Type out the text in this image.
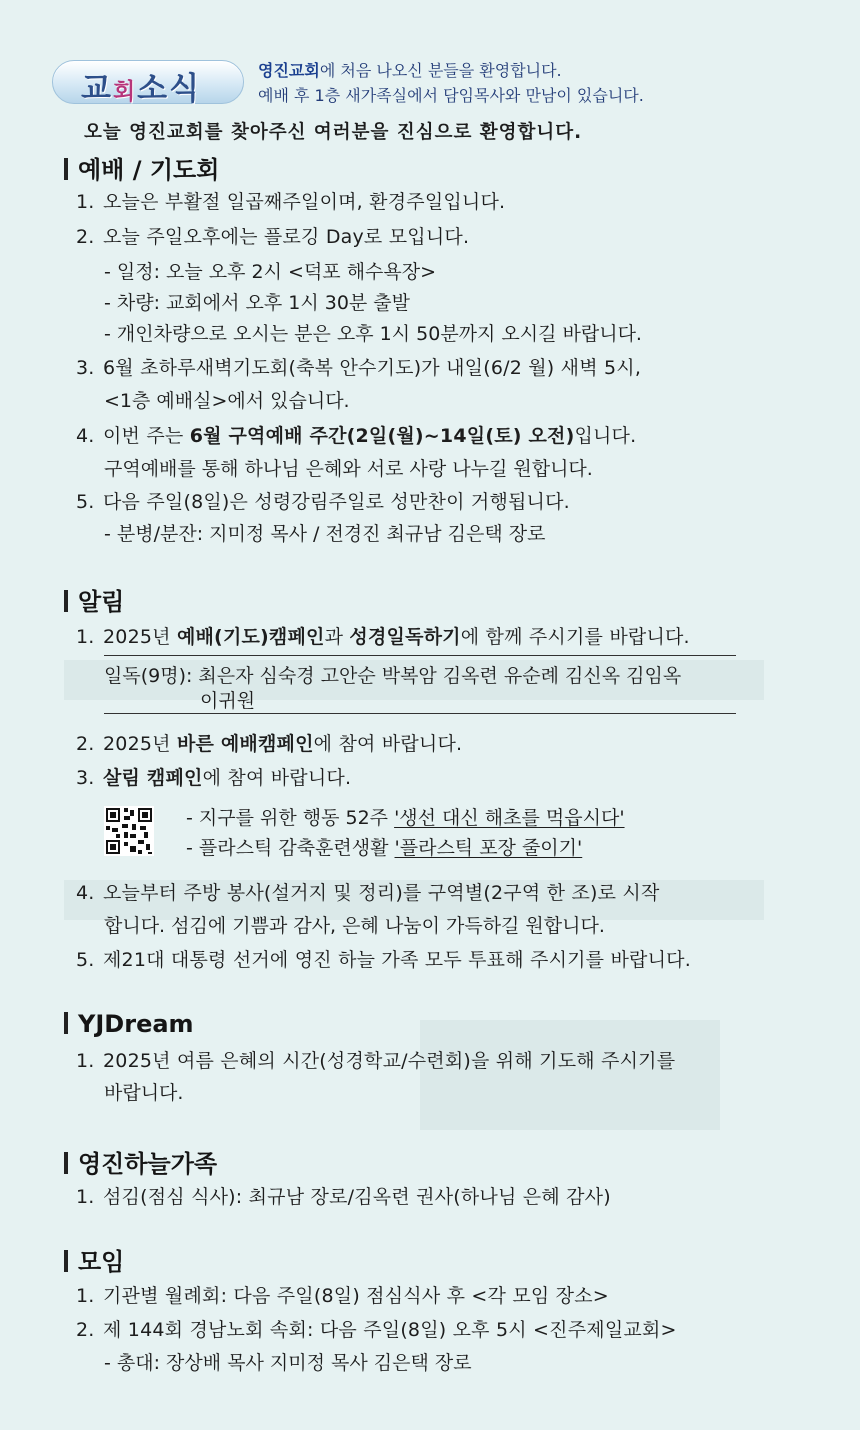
교회소식
영진교회에 처음 나오신 분들을 환영합니다.
예배 후 1층 새가족실에서 담임목사와 만남이 있습니다.
오늘 영진교회를 찾아주신 여러분을 진심으로 환영합니다.
예배 / 기도회
1. 오늘은 부활절 일곱째주일이며, 환경주일입니다.
2. 오늘 주일오후에는 플로깅 Day로 모입니다.
- 일정: 오늘 오후 2시 <덕포 해수욕장>
- 차량: 교회에서 오후 1시 30분 출발
- 개인차량으로 오시는 분은 오후 1시 50분까지 오시길 바랍니다.
3. 6월 초하루새벽기도회(축복 안수기도)가 내일(6/2 월) 새벽 5시,
<1층 예배실>에서 있습니다.
4. 이번 주는 6월 구역예배 주간(2일(월)~14일(토) 오전)입니다.
구역예배를 통해 하나님 은혜와 서로 사랑 나누길 원합니다.
5. 다음 주일(8일)은 성령강림주일로 성만찬이 거행됩니다.
- 분병/분잔: 지미정 목사 / 전경진 최규남 김은택 장로
알림
1. 2025년 예배(기도)캠페인과 성경일독하기에 함께 주시기를 바랍니다.
일독(9명): 최은자 심숙경 고안순 박복암 김옥련 유순례 김신옥 김임옥
이귀원
2. 2025년 바른 예배캠페인에 참여 바랍니다.
3. 살림 캠페인에 참여 바랍니다.
- 지구를 위한 행동 52주 '생선 대신 해초를 먹읍시다'
- 플라스틱 감축훈련생활 '플라스틱 포장 줄이기'
4. 오늘부터 주방 봉사(설거지 및 정리)를 구역별(2구역 한 조)로 시작
합니다. 섬김에 기쁨과 감사, 은혜 나눔이 가득하길 원합니다.
5. 제21대 대통령 선거에 영진 하늘 가족 모두 투표해 주시기를 바랍니다.
YJDream
1. 2025년 여름 은혜의 시간(성경학교/수련회)을 위해 기도해 주시기를
바랍니다.
영진하늘가족
1. 섬김(점심 식사): 최규남 장로/김옥련 권사(하나님 은혜 감사)
모임
1. 기관별 월례회: 다음 주일(8일) 점심식사 후 <각 모임 장소>
2. 제 144회 경남노회 속회: 다음 주일(8일) 오후 5시 <진주제일교회>
- 총대: 장상배 목사 지미정 목사 김은택 장로
